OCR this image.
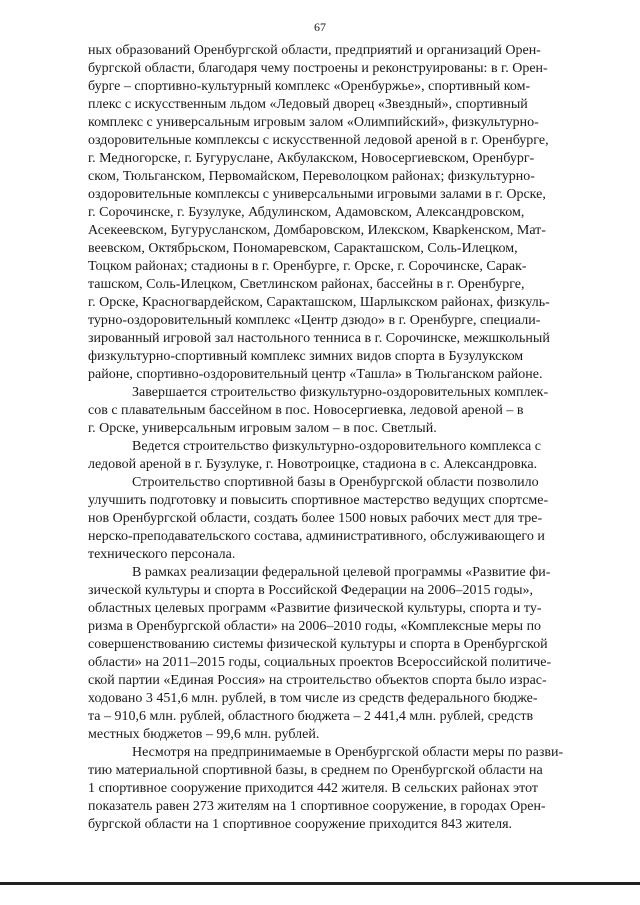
67

ных образований Оренбургской области, предприятий и организаций Орен-
бургской области, благодаря чему построены и реконструированы: в г. Орен-
бурге – спортивно-культурный комплекс «Оренбуржье», спортивный ком-
плекс с искусственным льдом «Ледовый дворец «Звездный», спортивный
комплекс с универсальным игровым залом «Олимпийский», физкультурно-
оздоровительные комплексы с искусственной ледовой ареной в г. Оренбурге,
г. Медногорске, г. Бугуруслане, Акбулакском, Новосергиевском, Оренбург-
ском, Тюльганском, Первомайском, Переволоцком районах; физкультурно-
оздоровительные комплексы с универсальными игровыми залами в г. Орске,
г. Сорочинске, г. Бузулуке, Абдулинском, Адамовском, Александровском,
Асекеевском, Бугурусланском, Домбаровском, Илекском, Кварkенском, Мат-
веевском, Октябрьском, Пономаревском, Саракташском, Соль-Илецком,
Тоцком районах; стадионы в г. Оренбурге, г. Орске, г. Сорочинске, Сарак-
ташском, Соль-Илецком, Светлинском районах, бассейны в г. Оренбурге,
г. Орске, Красногвардейском, Саракташском, Шарлыкском районах, физкуль-
турно-оздоровительный комплекс «Центр дзюдо» в г. Оренбурге, специали-
зированный игровой зал настольного тенниса в г. Сорочинске, межшкольный
физкультурно-спортивный комплекс зимних видов спорта в Бузулукском
районе, спортивно-оздоровительный центр «Ташла» в Тюльганском районе.

Завершается строительство физкультурно-оздоровительных комплек-
сов с плавательным бассейном в пос. Новосергиевка, ледовой ареной – в
г. Орске, универсальным игровым залом – в пос. Светлый.

Ведется строительство физкультурно-оздоровительного комплекса с
ледовой ареной в г. Бузулуке, г. Новотроицке, стадиона в с. Александровка.

Строительство спортивной базы в Оренбургской области позволило
улучшить подготовку и повысить спортивное мастерство ведущих спортсме-
нов Оренбургской области, создать более 1500 новых рабочих мест для тре-
нерско-преподавательского состава, административного, обслуживающего и
технического персонала.

В рамках реализации федеральной целевой программы «Развитие фи-
зической культуры и спорта в Российской Федерации на 2006–2015 годы»,
областных целевых программ «Развитие физической культуры, спорта и ту-
ризма в Оренбургской области» на 2006–2010 годы, «Комплексные меры по
совершенствованию системы физической культуры и спорта в Оренбургской
области» на 2011–2015 годы, социальных проектов Всероссийской политиче-
ской партии «Единая Россия» на строительство объектов спорта было израс-
ходовано 3 451,6 млн. рублей, в том числе из средств федерального бюдже-
та – 910,6 млн. рублей, областного бюджета – 2 441,4 млн. рублей, средств
местных бюджетов – 99,6 млн. рублей.

Несмотря на предпринимаемые в Оренбургской области меры по разви-
тию материальной спортивной базы, в среднем по Оренбургской области на
1 спортивное сооружение приходится 442 жителя. В сельских районах этот
показатель равен 273 жителям на 1 спортивное сооружение, в городах Орен-
бургской области на 1 спортивное сооружение приходится 843 жителя.
